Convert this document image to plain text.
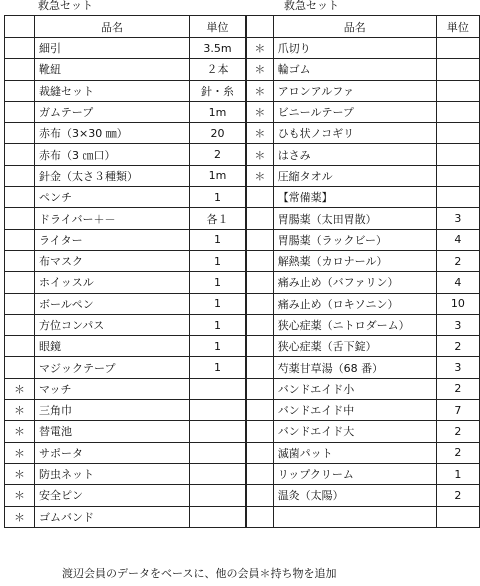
救急セット	救急セット
	品名	単位
	細引	3.5m
	靴紐	２本
	裁縫セット	針・糸
	ガムテープ	1m
	赤布（3×30 ㎜）	20
	赤布（3 ㎝口）	2
	針金（太さ３種類）	1m
	ペンチ	1
	ドライバー＋－	各１
	ライター	1
	布マスク	1
	ホイッスル	1
	ボールペン	1
	方位コンパス	1
	眼鏡	1
	マジックテープ	1
＊	マッチ	
＊	三角巾	
＊	替電池	
＊	サポータ	
＊	防虫ネット	
＊	安全ピン	
＊	ゴムバンド	
	品名	単位
＊	爪切り	
＊	輪ゴム	
＊	アロンアルファ	
＊	ビニールテープ	
＊	ひも状ノコギリ	
＊	はさみ	
＊	圧縮タオル	
	【常備薬】	
	胃腸薬（太田胃散）	3
	胃腸薬（ラックビー）	4
	解熱薬（カロナール）	2
	痛み止め（バファリン）	4
	痛み止め（ロキソニン）	10
	狭心症薬（ニトロダーム）	3
	狭心症薬（舌下錠）	2
	芍薬甘草湯（68 番）	3
	バンドエイド小	2
	バンドエイド中	7
	バンドエイド大	2
	滅菌パット	2
	リップクリーム	1
	温灸（太陽）	2

渡辺会員のデータをベースに、他の会員＊持ち物を追加
